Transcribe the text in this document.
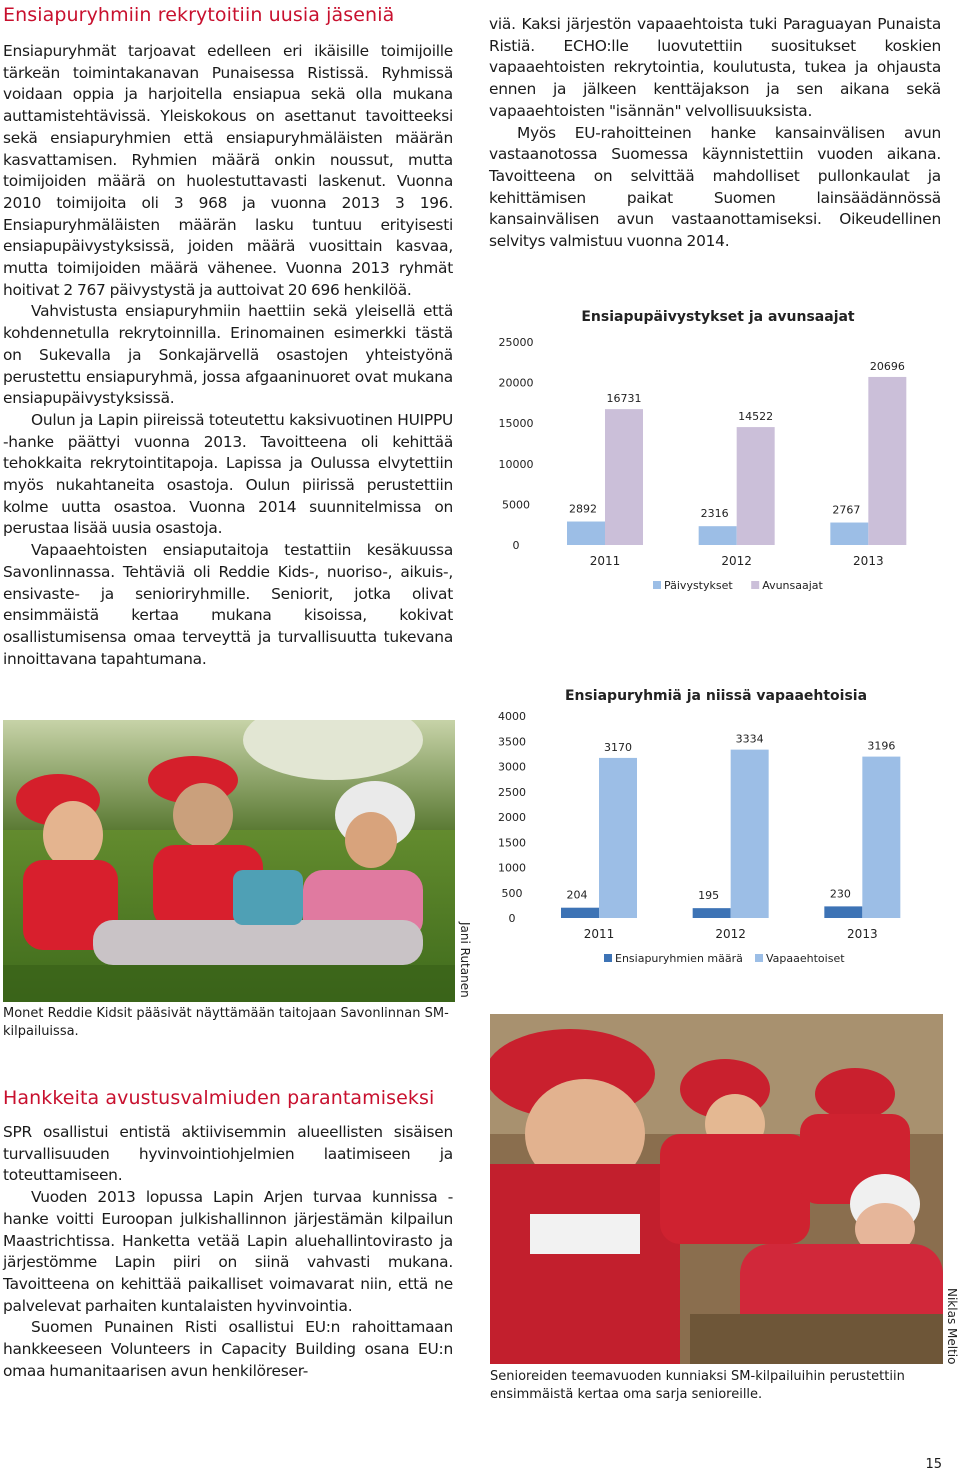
Ensiapuryhmiin rekrytoitiin uusia jäseniä

Ensiapuryhmät tarjoavat edelleen eri ikäisille toimijoille tärkeän toimintakanavan Punaisessa Ristissä. Ryhmissä voidaan oppia ja harjoitella ensiapua sekä olla mukana auttamistehtävissä. Yleiskokous on asettanut tavoitteeksi sekä ensiapuryhmien että ensiapuryhmäläisten määrän kasvattamisen. Ryhmien määrä onkin noussut, mutta toimijoiden määrä on huolestuttavasti laskenut. Vuonna 2010 toimijoita oli 3 968 ja vuonna 2013 3 196. Ensiapuryhmäläisten määrän lasku tuntuu erityisesti ensiapupäivystyksissä, joiden määrä vuosittain kasvaa, mutta toimijoiden määrä vähenee. Vuonna 2013 ryhmät hoitivat 2 767 päivystystä ja auttoivat 20 696 henkilöä.

Vahvistusta ensiapuryhmiin haettiin sekä yleisellä että kohdennetulla rekrytoinnilla. Erinomainen esimerkki tästä on Sukevalla ja Sonkajärvellä osastojen yhteistyönä perustettu ensiapuryhmä, jossa afgaaninuoret ovat mukana ensiapupäivystyksissä.

Oulun ja Lapin piireissä toteutettu kaksivuotinen HUIPPU -hanke päättyi vuonna 2013. Tavoitteena oli kehittää tehokkaita rekrytointitapoja. Lapissa ja Oulussa elvytettiin myös nukahtaneita osastoja. Oulun piirissä perustettiin kolme uutta osastoa. Vuonna 2014 suunnitelmissa on perustaa lisää uusia osastoja.

Vapaaehtoisten ensiaputaitoja testattiin kesäkuussa Savonlinnassa. Tehtäviä oli Reddie Kids-, nuoriso-, aikuis-, ensivaste- ja senioriryhmille. Seniorit, jotka olivat ensimmäistä kertaa mukana kisoissa, kokivat osallistumisensa omaa terveyttä ja turvallisuutta tukevana innoittavana tapahtumana.

Jani Rutanen
Monet Reddie Kidsit pääsivät näyttämään taitojaan Savonlinnan SM-kilpailuissa.
Hankkeita avustusvalmiuden parantamiseksi

SPR osallistui entistä aktiivisemmin alueellisten sisäisen turvallisuuden hyvinvointiohjelmien laatimiseen ja toteuttamiseen.

Vuoden 2013 lopussa Lapin Arjen turvaa kunnissa -hanke voitti Euroopan julkishallinnon järjestämän kilpailun Maastrichtissa. Hanketta vetää Lapin aluehallintovirasto ja järjestömme Lapin piiri on siinä vahvasti mukana. Tavoitteena on kehittää paikalliset voimavarat niin, että ne palvelevat parhaiten kuntalaisten hyvinvointia.

Suomen Punainen Risti osallistui EU:n rahoittamaan hankkeeseen Volunteers in Capacity Building osana EU:n omaa humanitaarisen avun henkilöreser-

viä. Kaksi järjestön vapaaehtoista tuki Paraguayan Punaista Ristiä. ECHO:lle luovutettiin suositukset koskien vapaaehtoisten rekrytointia, koulutusta, tukea ja ohjausta ennen ja jälkeen kenttäjakson ja sen aikana sekä vapaaehtoisten "isännän" velvollisuuksista.

Myös EU-rahoitteinen hanke kansainvälisen avun vastaanotossa Suomessa käynnistettiin vuoden aikana. Tavoitteena on selvittää mahdolliset pullonkaulat ja kehittämisen paikat Suomen lainsäädännössä kansainvälisen avun vastaanottamiseksi. Oikeudellinen selvitys valmistuu vuonna 2014.

Ensiapupäivystykset ja avunsaajat
0
5000
10000
15000
20000
25000
2892
16731
2011
2316
14522
2012
2767
20696
2013
Päivystykset	Avunsaajat
Ensiapuryhmiä ja niissä vapaaehtoisia
0
500
1000
1500
2000
2500
3000
3500
4000
204
3170
2011
195
3334
2012
230
3196
2013
Ensiapuryhmien määrä Vapaaehtoiset
Niklas Meltio
Senioreiden teemavuoden kunniaksi SM-kilpailuihin perustettiin ensimmäistä kertaa oma sarja senioreille.
15
